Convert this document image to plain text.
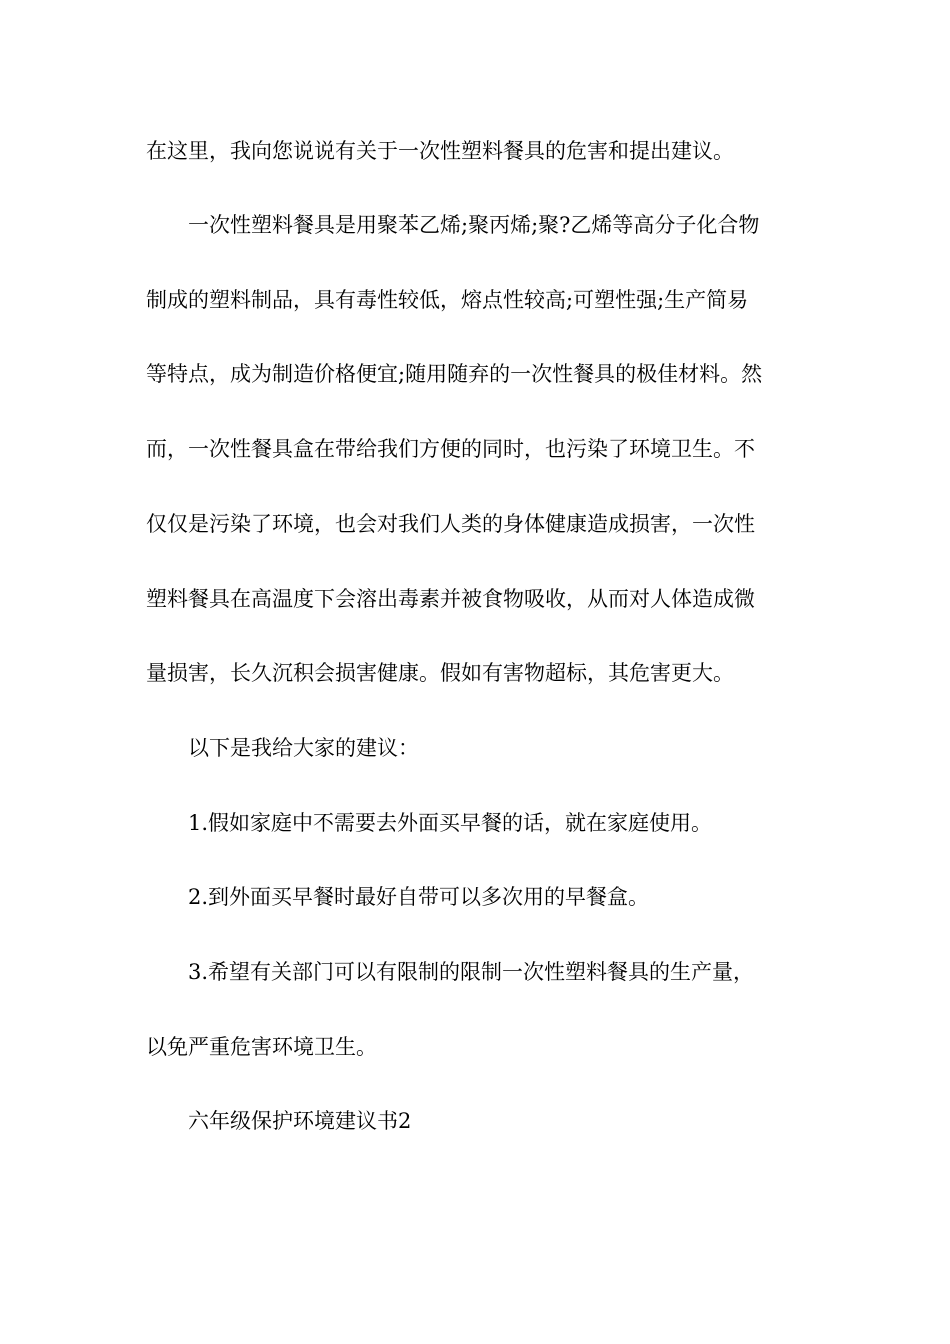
在这里，我向您说说有关于一次性塑料餐具的危害和提出建议。
一次性塑料餐具是用聚苯乙烯;聚丙烯;聚?乙烯等高分子化合物
制成的塑料制品，具有毒性较低，熔点性较高;可塑性强;生产简易
等特点，成为制造价格便宜;随用随弃的一次性餐具的极佳材料。然
而，一次性餐具盒在带给我们方便的同时，也污染了环境卫生。不
仅仅是污染了环境，也会对我们人类的身体健康造成损害，一次性
塑料餐具在高温度下会溶出毒素并被食物吸收，从而对人体造成微
量损害，长久沉积会损害健康。假如有害物超标，其危害更大。
以下是我给大家的建议：
1.假如家庭中不需要去外面买早餐的话，就在家庭使用。
2.到外面买早餐时最好自带可以多次用的早餐盒。
3.希望有关部门可以有限制的限制一次性塑料餐具的生产量，
以免严重危害环境卫生。
六年级保护环境建议书2
